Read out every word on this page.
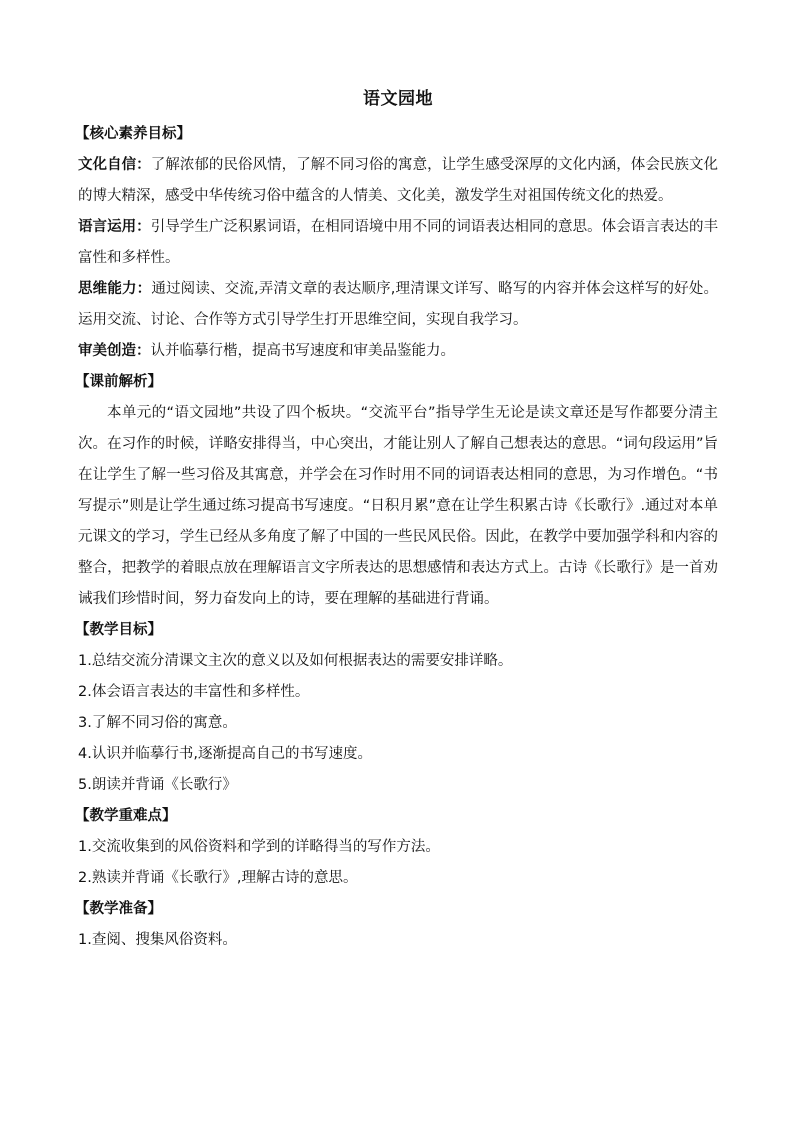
语文园地
【核心素养目标】

文化自信：了解浓郁的民俗风情，了解不同习俗的寓意，让学生感受深厚的文化内涵，体会民族文化的博大精深，感受中华传统习俗中蕴含的人情美、文化美，激发学生对祖国传统文化的热爱。

语言运用：引导学生广泛积累词语，在相同语境中用不同的词语表达相同的意思。体会语言表达的丰富性和多样性。

思维能力：通过阅读、交流,弄清文章的表达顺序,理清课文详写、略写的内容并体会这样写的好处。运用交流、讨论、合作等方式引导学生打开思维空间，实现自我学习。

审美创造：认并临摹行楷，提高书写速度和审美品鉴能力。

【课前解析】

本单元的“语文园地”共设了四个板块。“交流平台”指导学生无论是读文章还是写作都要分清主次。在习作的时候，详略安排得当，中心突出，才能让别人了解自己想表达的意思。“词句段运用”旨在让学生了解一些习俗及其寓意，并学会在习作时用不同的词语表达相同的意思，为习作增色。“书写提示”则是让学生通过练习提高书写速度。“日积月累”意在让学生积累古诗《长歌行》.通过对本单元课文的学习，学生已经从多角度了解了中国的一些民风民俗。因此，在教学中要加强学科和内容的整合，把教学的着眼点放在理解语言文字所表达的思想感情和表达方式上。古诗《长歌行》是一首劝诫我们珍惜时间，努力奋发向上的诗，要在理解的基础进行背诵。

【教学目标】

1.总结交流分清课文主次的意义以及如何根据表达的需要安排详略。

2.体会语言表达的丰富性和多样性。

3.了解不同习俗的寓意。

4.认识并临摹行书,逐渐提高自己的书写速度。

5.朗读并背诵《长歌行》

【教学重难点】

1.交流收集到的风俗资料和学到的详略得当的写作方法。

2.熟读并背诵《长歌行》,理解古诗的意思。

【教学准备】

1.查阅、搜集风俗资料。
